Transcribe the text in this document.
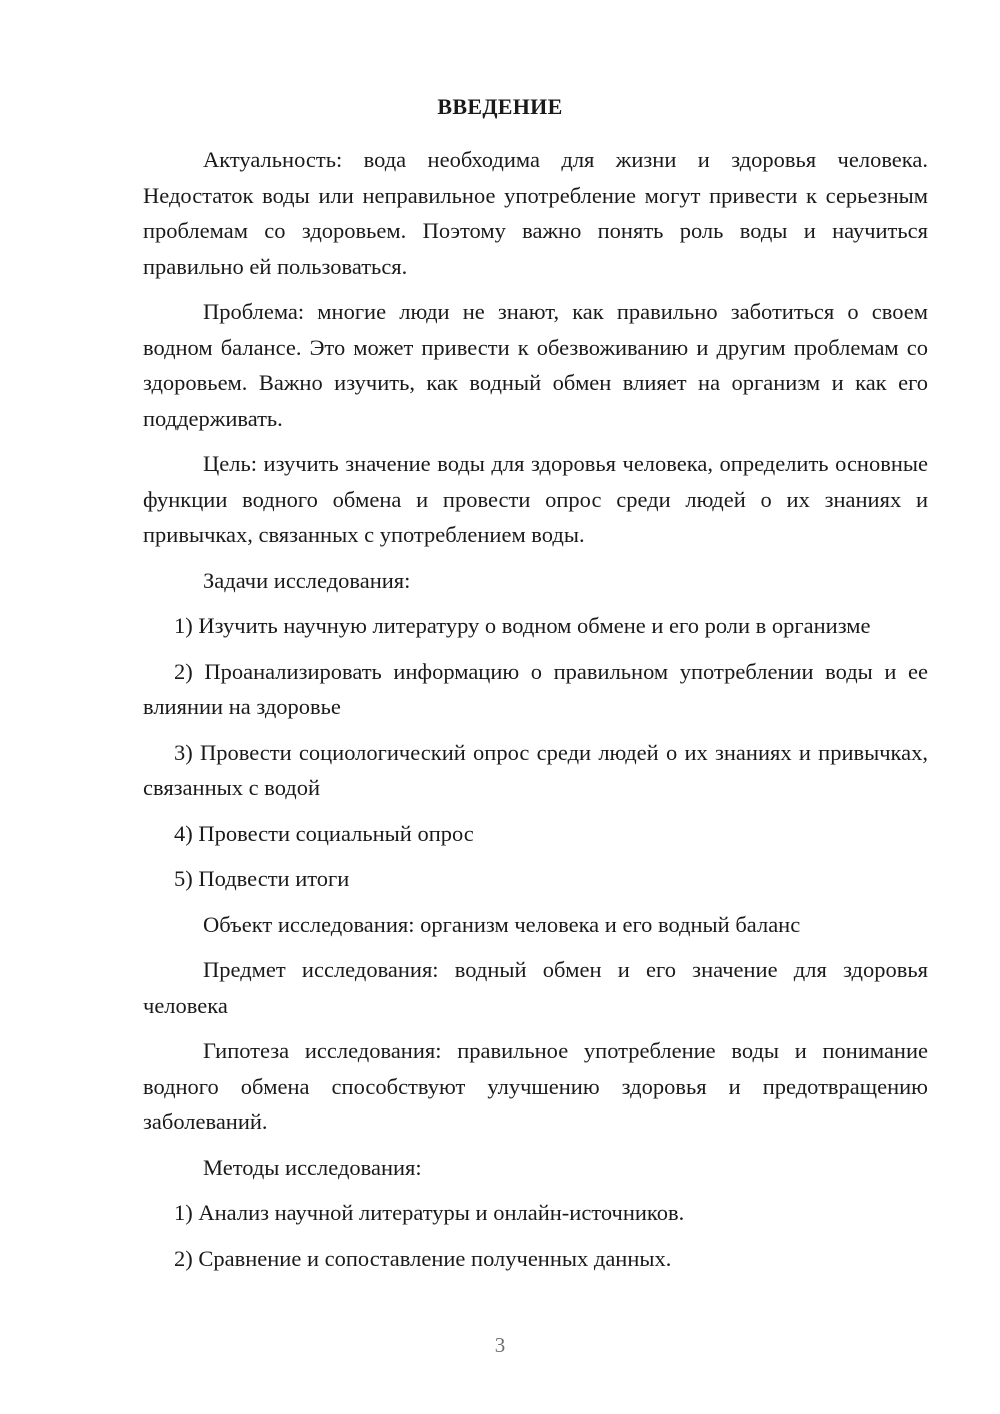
ВВЕДЕНИЕ

Актуальность: вода необходима для жизни и здоровья человека. Недостаток воды или неправильное употребление могут привести к серьезным проблемам со здоровьем. Поэтому важно понять роль воды и научиться правильно ей пользоваться.

Проблема: многие люди не знают, как правильно заботиться о своем водном балансе. Это может привести к обезвоживанию и другим проблемам со здоровьем. Важно изучить, как водный обмен влияет на организм и как его поддерживать.

Цель: изучить значение воды для здоровья человека, определить основные функции водного обмена и провести опрос среди людей о их знаниях и привычках, связанных с употреблением воды.

Задачи исследования:

1) Изучить научную литературу о водном обмене и его роли в организме

2) Проанализировать информацию о правильном употреблении воды и ее влиянии на здоровье

3) Провести социологический опрос среди людей о их знаниях и привычках, связанных с водой

4) Провести социальный опрос

5) Подвести итоги

Объект исследования: организм человека и его водный баланс

Предмет исследования: водный обмен и его значение для здоровья человека

Гипотеза исследования: правильное употребление воды и понимание водного обмена способствуют улучшению здоровья и предотвращению заболеваний.

Методы исследования:

1) Анализ научной литературы и онлайн-источников.

2) Сравнение и сопоставление полученных данных.

3
